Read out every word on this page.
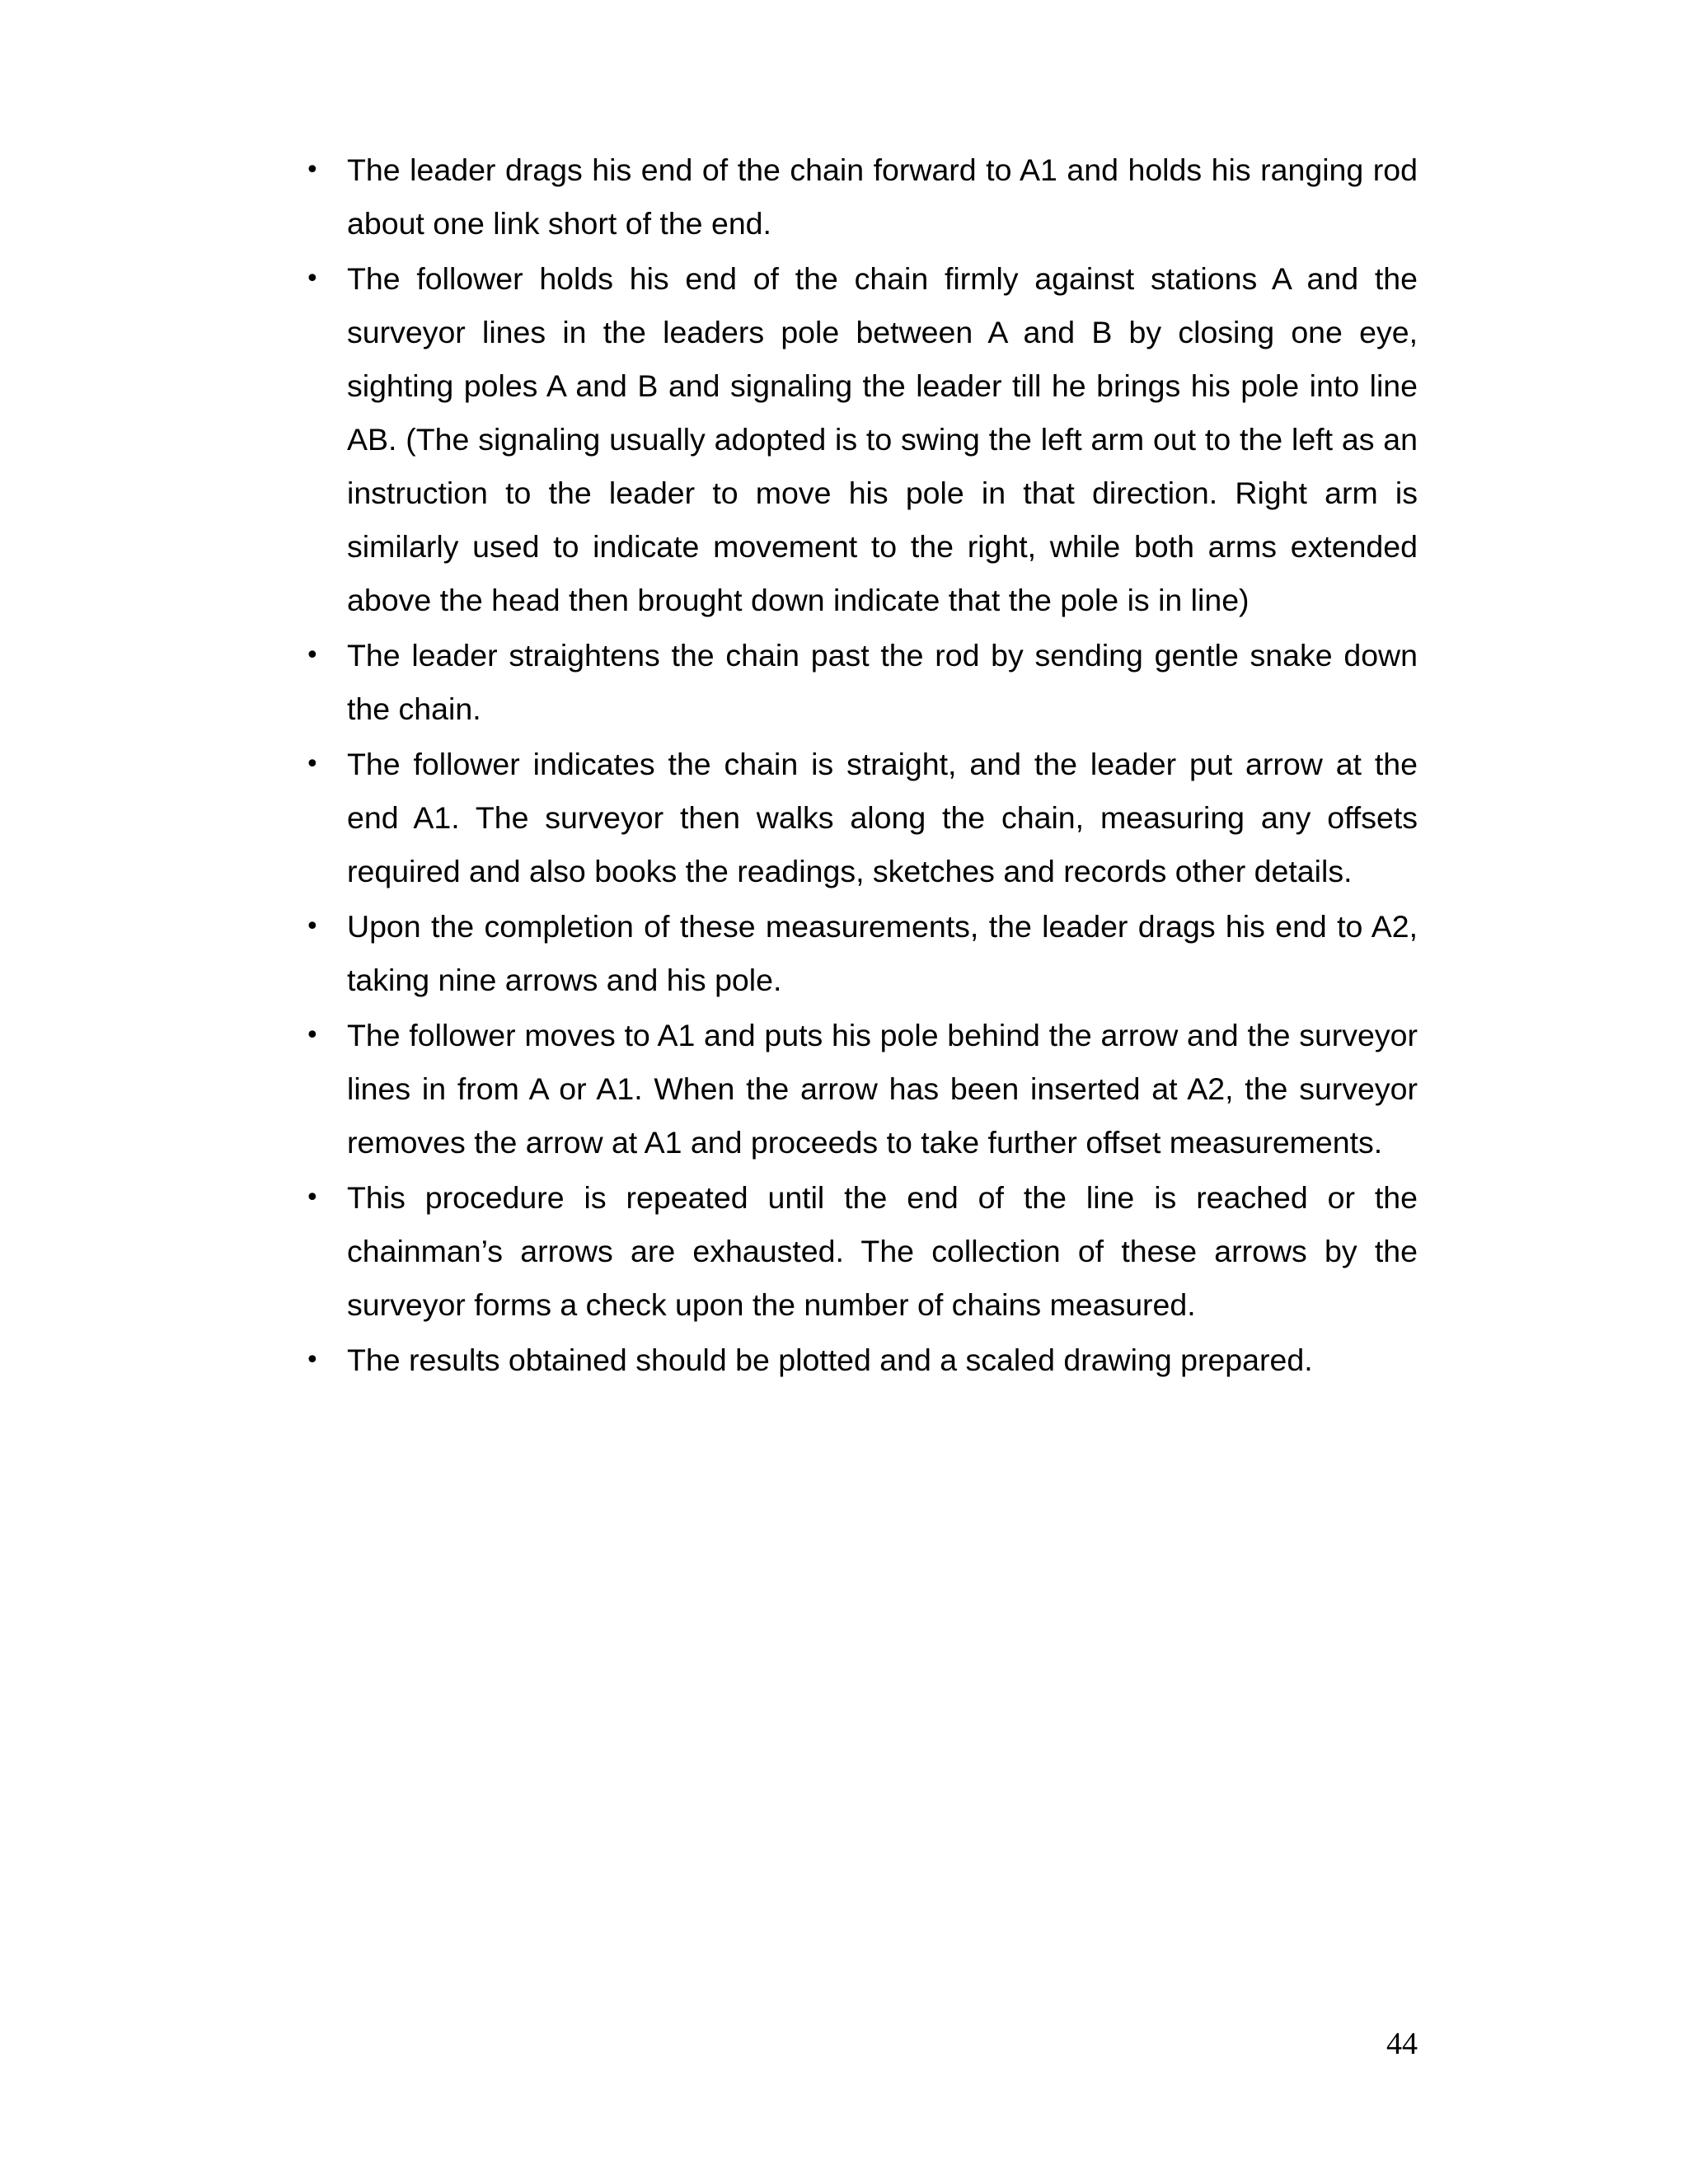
• The leader drags his end of the chain forward to A1 and holds his ranging rod about one link short of the end.
• The follower holds his end of the chain firmly against stations A and the surveyor lines in the leaders pole between A and B by closing one eye, sighting poles A and B and signaling the leader till he brings his pole into line AB. (The signaling usually adopted is to swing the left arm out to the left as an instruction to the leader to move his pole in that direction. Right arm is similarly used to indicate movement to the right, while both arms extended above the head then brought down indicate that the pole is in line)
• The leader straightens the chain past the rod by sending gentle snake down the chain.
• The follower indicates the chain is straight, and the leader put arrow at the end A1. The surveyor then walks along the chain, measuring any offsets required and also books the readings, sketches and records other details.
• Upon the completion of these measurements, the leader drags his end to A2, taking nine arrows and his pole.
• The follower moves to A1 and puts his pole behind the arrow and the surveyor lines in from A or A1. When the arrow has been inserted at A2, the surveyor removes the arrow at A1 and proceeds to take further offset measurements.
• This procedure is repeated until the end of the line is reached or the chainman’s arrows are exhausted. The collection of these arrows by the surveyor forms a check upon the number of chains measured.
• The results obtained should be plotted and a scaled drawing prepared.
44
